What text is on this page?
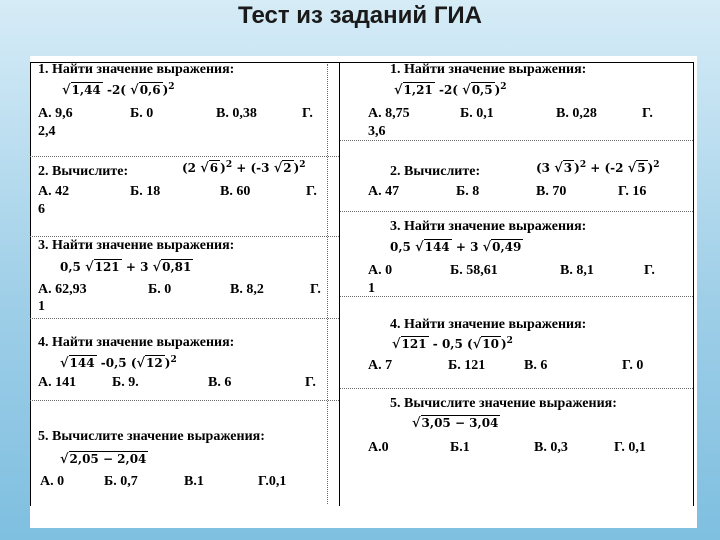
Тест из заданий ГИА
1. Найти значение выражения:
√1,44 -2( √0,6 )$^2$
А. 9,6	Б. 0	В. 0,38	Г.
2,4
2. Вычислите:	(2 √6 )$^2$ + (-3 √2 )$^2$
А. 42	Б. 18	В. 60	Г.
6
3. Найти значение выражения:
0,5 √121 + 3 √0,81
А. 62,93	Б. 0	В. 8,2	Г.
1
4. Найти значение выражения:
√144 -0,5 (√12 )$^2$
А. 141	Б. 9.	В. 6	Г.
5. Вычислите значение выражения:
√2,05 − 2,04
А. 0	Б. 0,7	В.1	Г.0,1
1. Найти значение выражения:
√1,21 -2( √0,5 )$^2$
А. 8,75	Б. 0,1	В. 0,28	Г.
3,6
2. Вычислите:	(3 √3 )$^2$ + (-2 √5 )$^2$
А. 47	Б. 8	В. 70	Г. 16
3. Найти значение выражения:
0,5 √144 + 3 √0,49
А. 0	Б. 58,61	В. 8,1	Г.
1
4. Найти значение выражения:
√121 - 0,5 (√10 )$^2$
А. 7	Б. 121	В. 6	Г. 0
5. Вычислите значение выражения:
√3,05 − 3,04
А.0	Б.1	В. 0,3	Г. 0,1
